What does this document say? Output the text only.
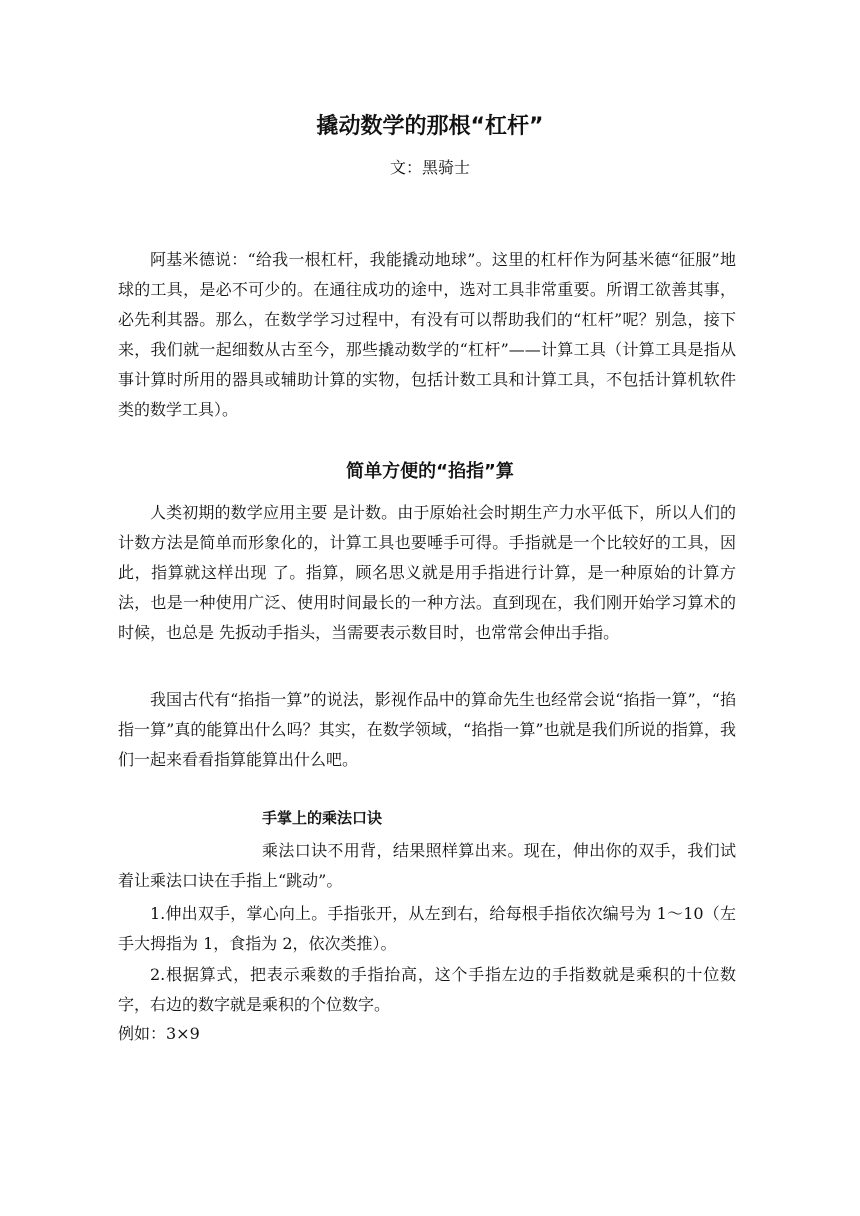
撬动数学的那根“杠杆”

文：黑骑士

阿基米德说：“给我一根杠杆，我能撬动地球”。这里的杠杆作为阿基米德“征服”地球的工具，是必不可少的。在通往成功的途中，选对工具非常重要。所谓工欲善其事，必先利其器。那么，在数学学习过程中，有没有可以帮助我们的“杠杆”呢？别急，接下来，我们就一起细数从古至今，那些撬动数学的“杠杆”——计算工具（计算工具是指从事计算时所用的器具或辅助计算的实物，包括计数工具和计算工具，不包括计算机软件类的数学工具）。

简单方便的“掐指”算

人类初期的数学应用主要 是计数。由于原始社会时期生产力水平低下，所以人们的计数方法是简单而形象化的，计算工具也要唾手可得。手指就是一个比较好的工具，因此，指算就这样出现 了。指算，顾名思义就是用手指进行计算，是一种原始的计算方法，也是一种使用广泛、使用时间最长的一种方法。直到现在，我们刚开始学习算术的时候，也总是 先扳动手指头，当需要表示数目时，也常常会伸出手指。

我国古代有“掐指一算”的说法，影视作品中的算命先生也经常会说“掐指一算”，“掐指一算”真的能算出什么吗？其实，在数学领域，“掐指一算”也就是我们所说的指算，我们一起来看看指算能算出什么吧。

手掌上的乘法口诀

乘法口诀不用背，结果照样算出来。现在，伸出你的双手，我们试着让乘法口诀在手指上“跳动”。

1.伸出双手，掌心向上。手指张开，从左到右，给每根手指依次编号为 1～10（左手大拇指为 1，食指为 2，依次类推）。

2.根据算式，把表示乘数的手指抬高，这个手指左边的手指数就是乘积的十位数字，右边的数字就是乘积的个位数字。

例如：3×9
